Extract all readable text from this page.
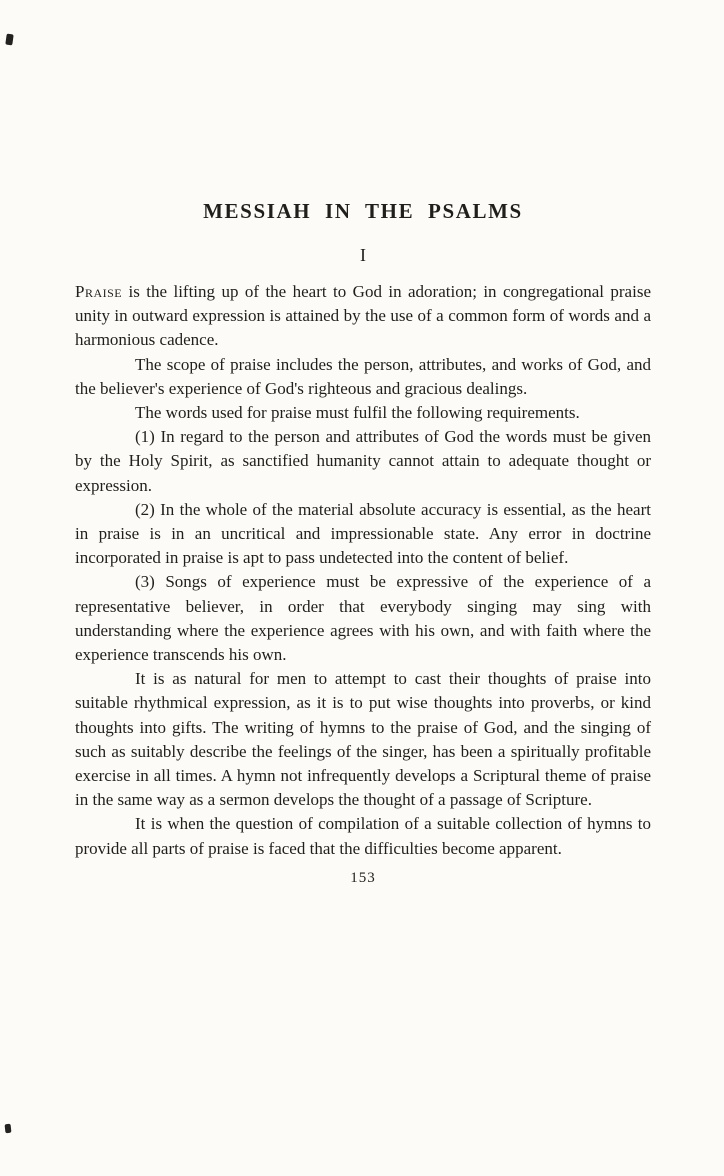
MESSIAH IN THE PSALMS
I

Praise is the lifting up of the heart to God in adoration; in congregational praise unity in outward expression is attained by the use of a common form of words and a harmonious cadence.

The scope of praise includes the person, attributes, and works of God, and the believer's experience of God's righteous and gracious dealings.

The words used for praise must fulfil the following requirements.

(1) In regard to the person and attributes of God the words must be given by the Holy Spirit, as sanctified humanity cannot attain to adequate thought or expression.

(2) In the whole of the material absolute accuracy is essential, as the heart in praise is in an uncritical and impressionable state. Any error in doctrine incorporated in praise is apt to pass undetected into the content of belief.

(3) Songs of experience must be expressive of the experience of a representative believer, in order that everybody singing may sing with understanding where the experience agrees with his own, and with faith where the experience transcends his own.

It is as natural for men to attempt to cast their thoughts of praise into suitable rhythmical expression, as it is to put wise thoughts into proverbs, or kind thoughts into gifts. The writing of hymns to the praise of God, and the singing of such as suitably describe the feelings of the singer, has been a spiritually profitable exercise in all times. A hymn not infrequently develops a Scriptural theme of praise in the same way as a sermon develops the thought of a passage of Scripture.

It is when the question of compilation of a suitable collection of hymns to provide all parts of praise is faced that the difficulties become apparent.

153
